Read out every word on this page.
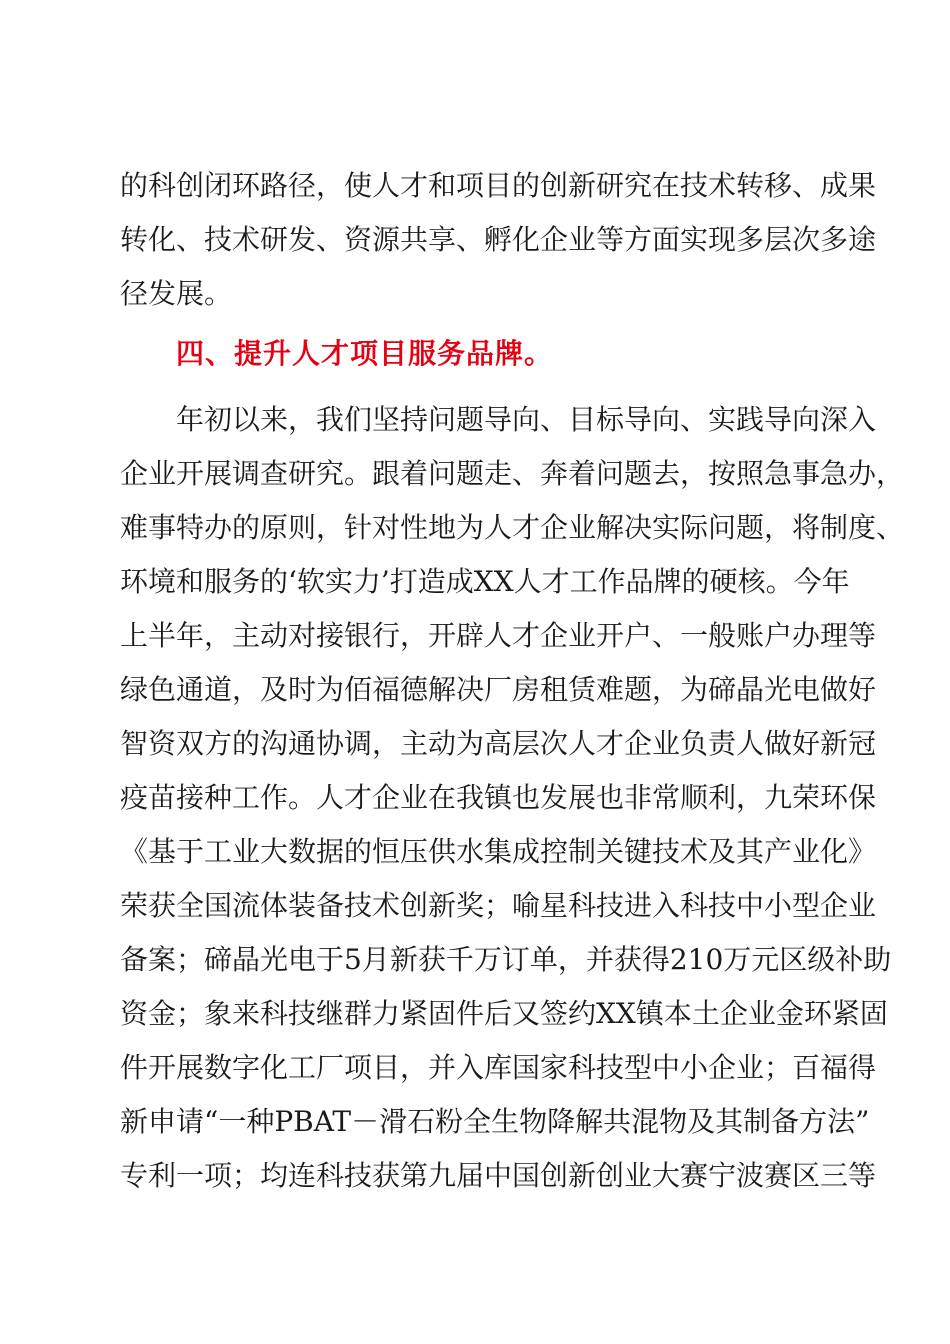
的科创闭环路径，使人才和项目的创新研究在技术转移、成果
转化、技术研发、资源共享、孵化企业等方面实现多层次多途
径发展。
四、提升人才项目服务品牌。
　　年初以来，我们坚持问题导向、目标导向、实践导向深入
企业开展调查研究。跟着问题走、奔着问题去，按照急事急办，
难事特办的原则，针对性地为人才企业解决实际问题，将制度、
环境和服务的‘软实力’打造成XX人才工作品牌的硬核。今年
上半年，主动对接银行，开辟人才企业开户、一般账户办理等
绿色通道，及时为佰福德解决厂房租赁难题，为碲晶光电做好
智资双方的沟通协调，主动为高层次人才企业负责人做好新冠
疫苗接种工作。人才企业在我镇也发展也非常顺利，九荣环保
《基于工业大数据的恒压供水集成控制关键技术及其产业化》
荣获全国流体装备技术创新奖；喻星科技进入科技中小型企业
备案；碲晶光电于5月新获千万订单，并获得210万元区级补助
资金；象来科技继群力紧固件后又签约XX镇本土企业金环紧固
件开展数字化工厂项目，并入库国家科技型中小企业；百福得
新申请“一种PBAT－滑石粉全生物降解共混物及其制备方法”
专利一项；均连科技获第九届中国创新创业大赛宁波赛区三等
